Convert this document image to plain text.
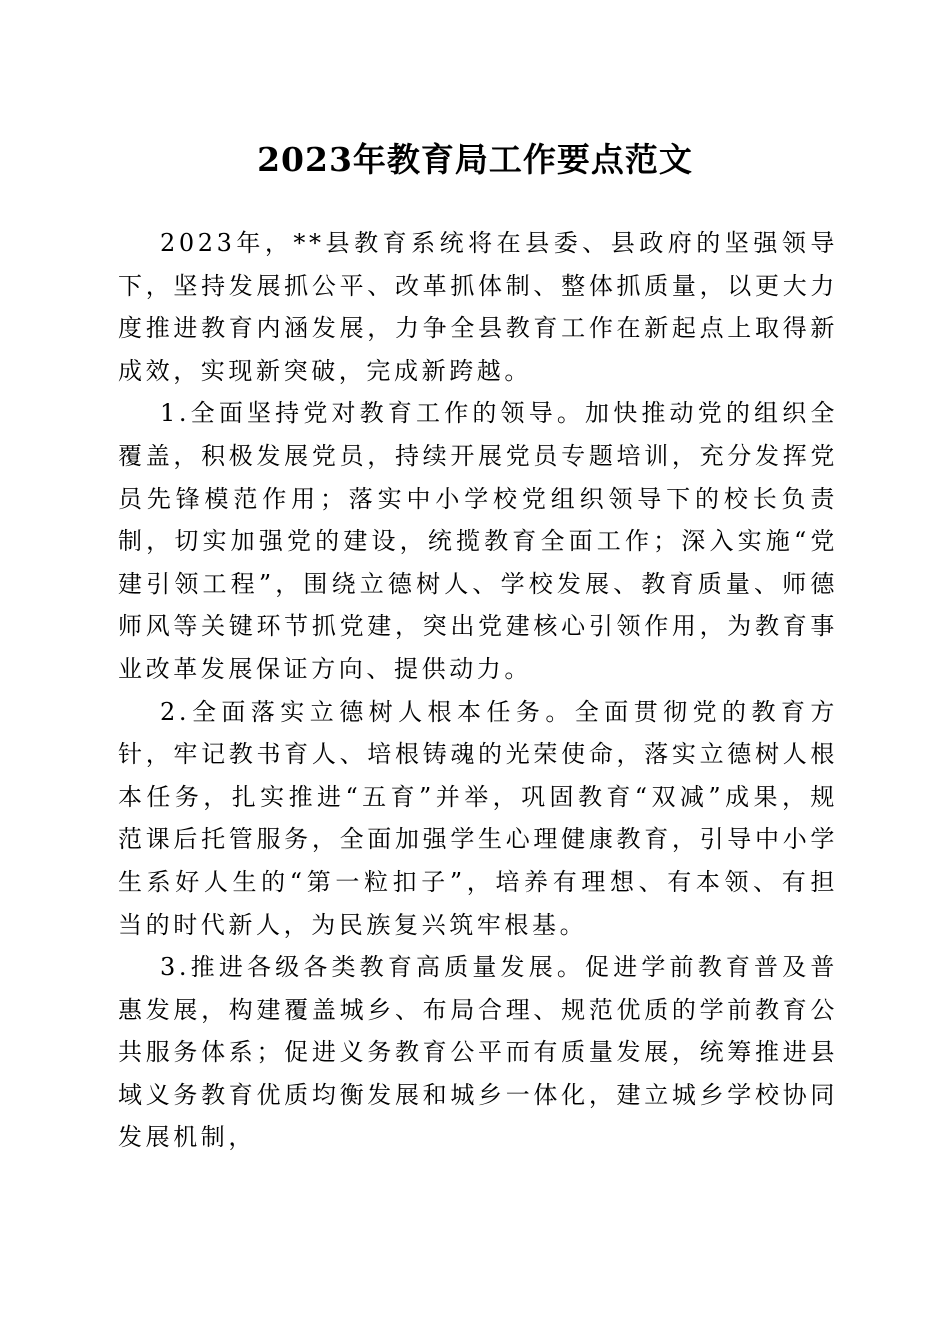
2023年教育局工作要点范文

2023年，**县教育系统将在县委、县政府的坚强领导下，坚持发展抓公平、改革抓体制、整体抓质量，以更大力度推进教育内涵发展，力争全县教育工作在新起点上取得新成效，实现新突破，完成新跨越。

1.全面坚持党对教育工作的领导。加快推动党的组织全覆盖，积极发展党员，持续开展党员专题培训，充分发挥党员先锋模范作用；落实中小学校党组织领导下的校长负责制，切实加强党的建设，统揽教育全面工作；深入实施“党建引领工程”，围绕立德树人、学校发展、教育质量、师德师风等关键环节抓党建，突出党建核心引领作用，为教育事业改革发展保证方向、提供动力。

2.全面落实立德树人根本任务。全面贯彻党的教育方针，牢记教书育人、培根铸魂的光荣使命，落实立德树人根本任务，扎实推进“五育”并举，巩固教育“双减”成果，规范课后托管服务，全面加强学生心理健康教育，引导中小学生系好人生的“第一粒扣子”，培养有理想、有本领、有担当的时代新人，为民族复兴筑牢根基。

3.推进各级各类教育高质量发展。促进学前教育普及普惠发展，构建覆盖城乡、布局合理、规范优质的学前教育公共服务体系；促进义务教育公平而有质量发展，统筹推进县域义务教育优质均衡发展和城乡一体化，建立城乡学校协同发展机制，
